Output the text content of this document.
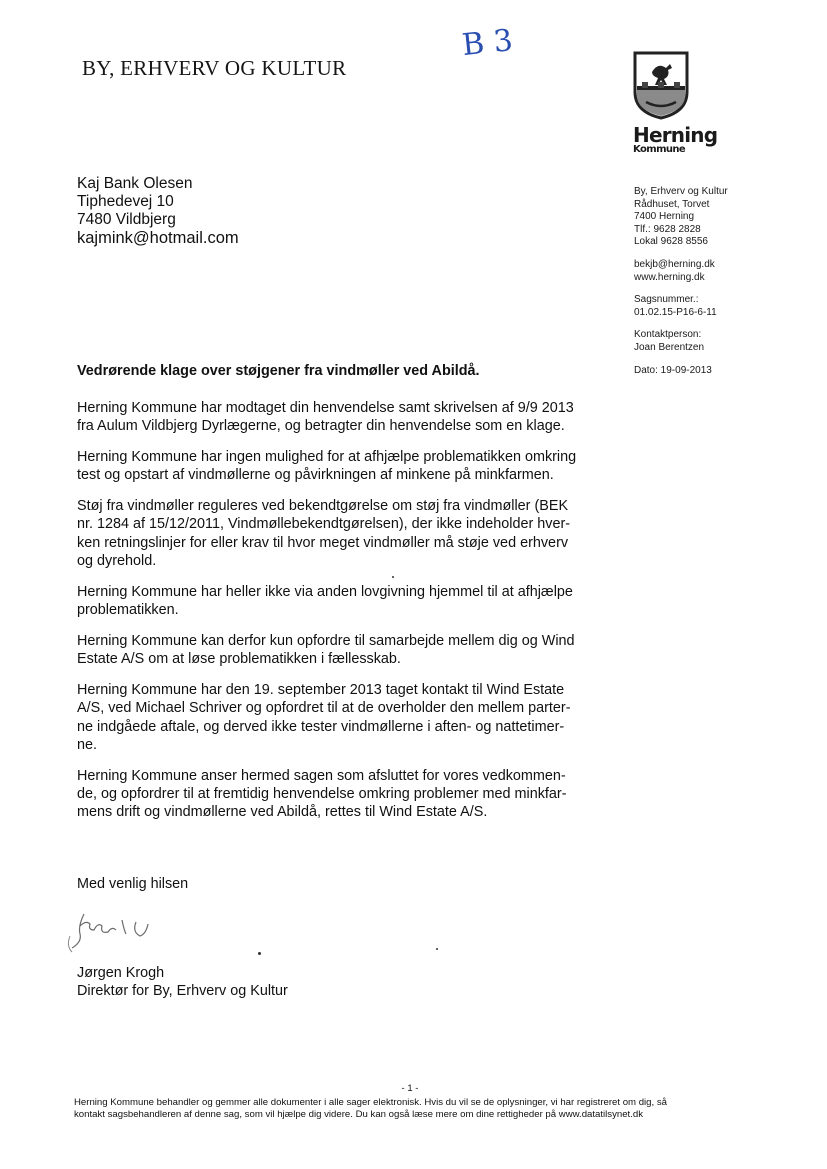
BY, ERHVERV OG KULTUR
B 3
Herning
Kommune
Kaj Bank Olesen
Tiphedevej 10
7480 Vildbjerg
kajmink@hotmail.com
By, Erhverv og Kultur
Rådhuset, Torvet
7400 Herning
Tlf.: 9628 2828
Lokal 9628 8556
bekjb@herning.dk
www.herning.dk
Sagsnummer.:
01.02.15-P16-6-11
Kontaktperson:
Joan Berentzen
Dato: 19-09-2013
Vedrørende klage over støjgener fra vindmøller ved Abildå.

Herning Kommune har modtaget din henvendelse samt skrivelsen af 9/9 2013
fra Aulum Vildbjerg Dyrlægerne, og betragter din henvendelse som en klage.

Herning Kommune har ingen mulighed for at afhjælpe problematikken omkring
test og opstart af vindmøllerne og påvirkningen af minkene på minkfarmen.

Støj fra vindmøller reguleres ved bekendtgørelse om støj fra vindmøller (BEK
nr. 1284 af 15/12/2011, Vindmøllebekendtgørelsen), der ikke indeholder hver-
ken retningslinjer for eller krav til hvor meget vindmøller må støje ved erhverv
og dyrehold.

Herning Kommune har heller ikke via anden lovgivning hjemmel til at afhjælpe
problematikken.

Herning Kommune kan derfor kun opfordre til samarbejde mellem dig og Wind
Estate A/S om at løse problematikken i fællesskab.

Herning Kommune har den 19. september 2013 taget kontakt til Wind Estate
A/S, ved Michael Schriver og opfordret til at de overholder den mellem parter-
ne indgåede aftale, og derved ikke tester vindmøllerne i aften- og nattetimer-
ne.

Herning Kommune anser hermed sagen som afsluttet for vores vedkommen-
de, og opfordrer til at fremtidig henvendelse omkring problemer med minkfar-
mens drift og vindmøllerne ved Abildå, rettes til Wind Estate A/S.

Med venlig hilsen
Jørgen Krogh
Direktør for By, Erhverv og Kultur
- 1 -
Herning Kommune behandler og gemmer alle dokumenter i alle sager elektronisk. Hvis du vil se de oplysninger, vi har registreret om dig, så
kontakt sagsbehandleren af denne sag, som vil hjælpe dig videre. Du kan også læse mere om dine rettigheder på www.datatilsynet.dk
